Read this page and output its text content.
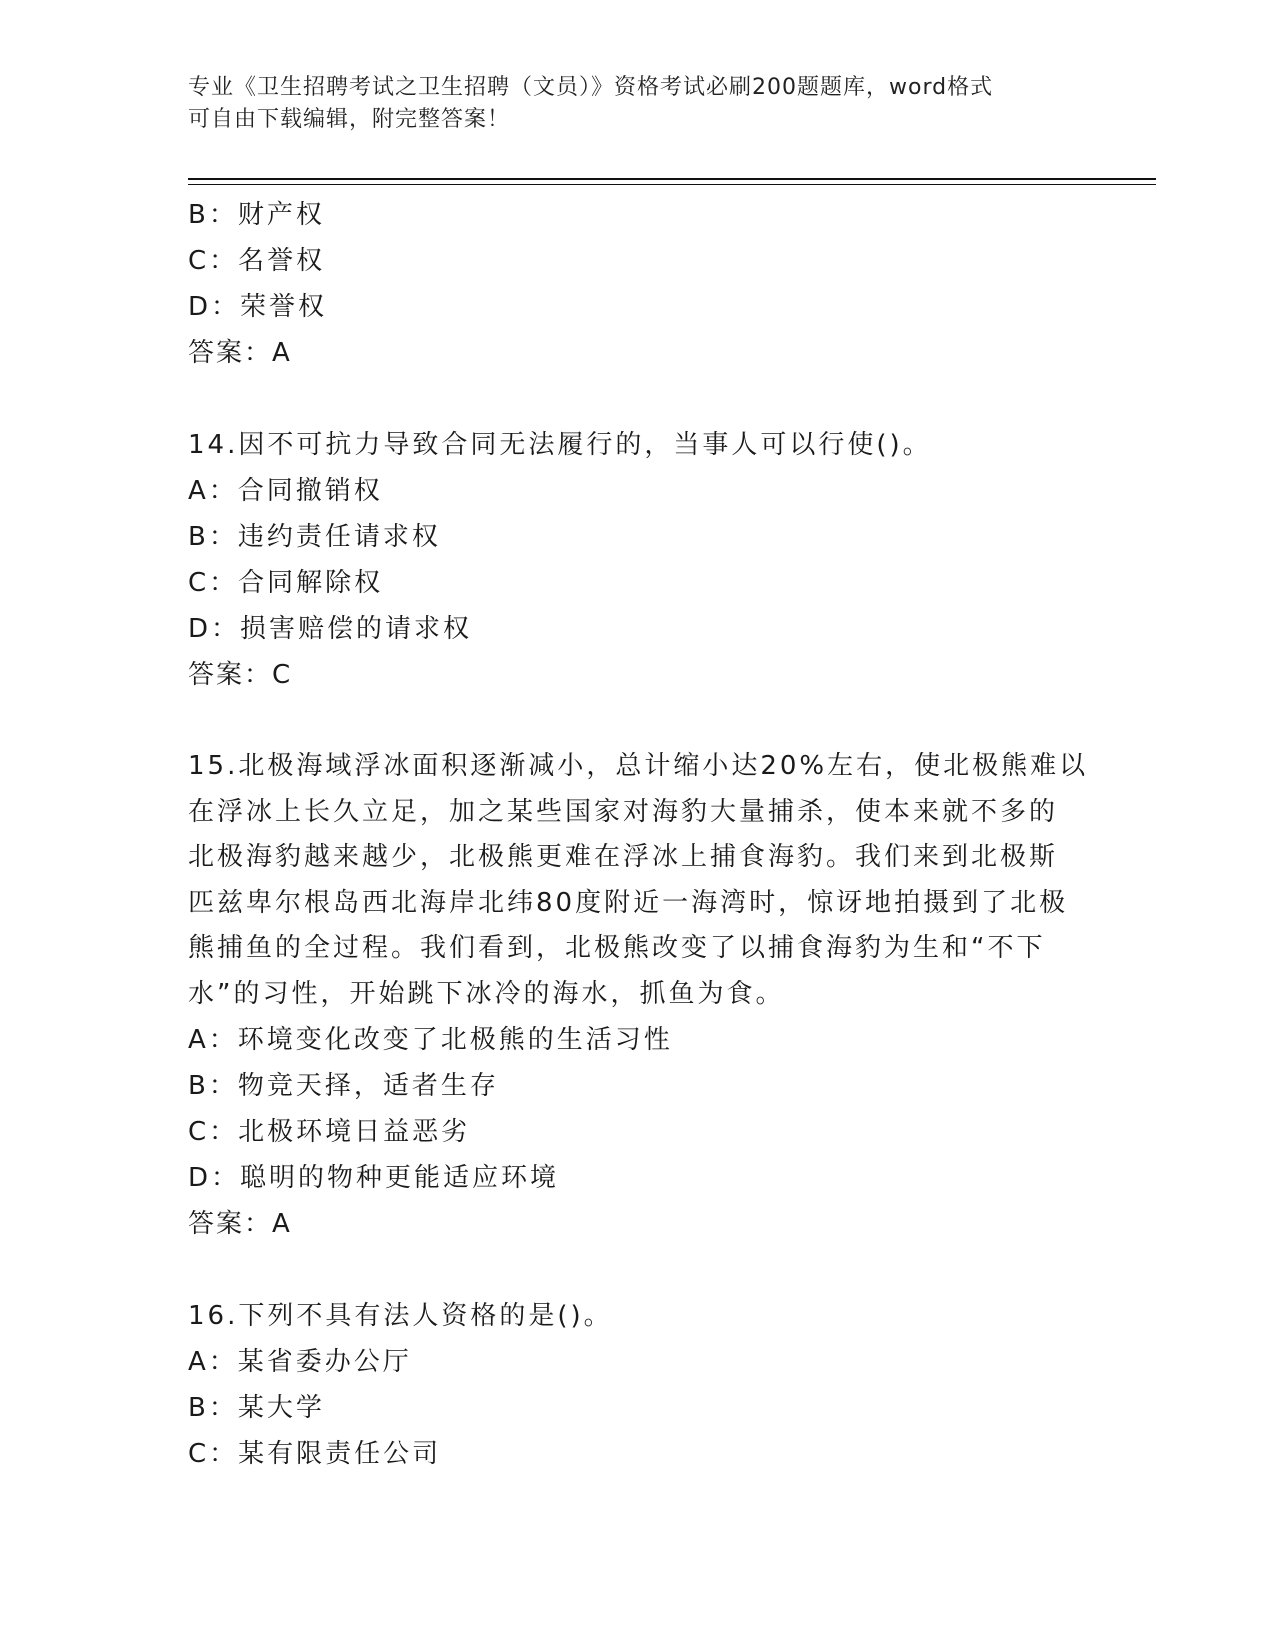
专业《卫生招聘考试之卫生招聘（文员）》资格考试必刷200题题库，word格式
可自由下载编辑，附完整答案！
B：财产权
C：名誉权
D：荣誉权
答案：A
14.因不可抗力导致合同无法履行的，当事人可以行使()。
A：合同撤销权
B：违约责任请求权
C：合同解除权
D：损害赔偿的请求权
答案：C
15.北极海域浮冰面积逐渐减小，总计缩小达20%左右，使北极熊难以
在浮冰上长久立足，加之某些国家对海豹大量捕杀，使本来就不多的
北极海豹越来越少，北极熊更难在浮冰上捕食海豹。我们来到北极斯
匹兹卑尔根岛西北海岸北纬80度附近一海湾时，惊讶地拍摄到了北极
熊捕鱼的全过程。我们看到，北极熊改变了以捕食海豹为生和“不下
水”的习性，开始跳下冰冷的海水，抓鱼为食。
A：环境变化改变了北极熊的生活习性
B：物竞天择，适者生存
C：北极环境日益恶劣
D：聪明的物种更能适应环境
答案：A
16.下列不具有法人资格的是()。
A：某省委办公厅
B：某大学
C：某有限责任公司
